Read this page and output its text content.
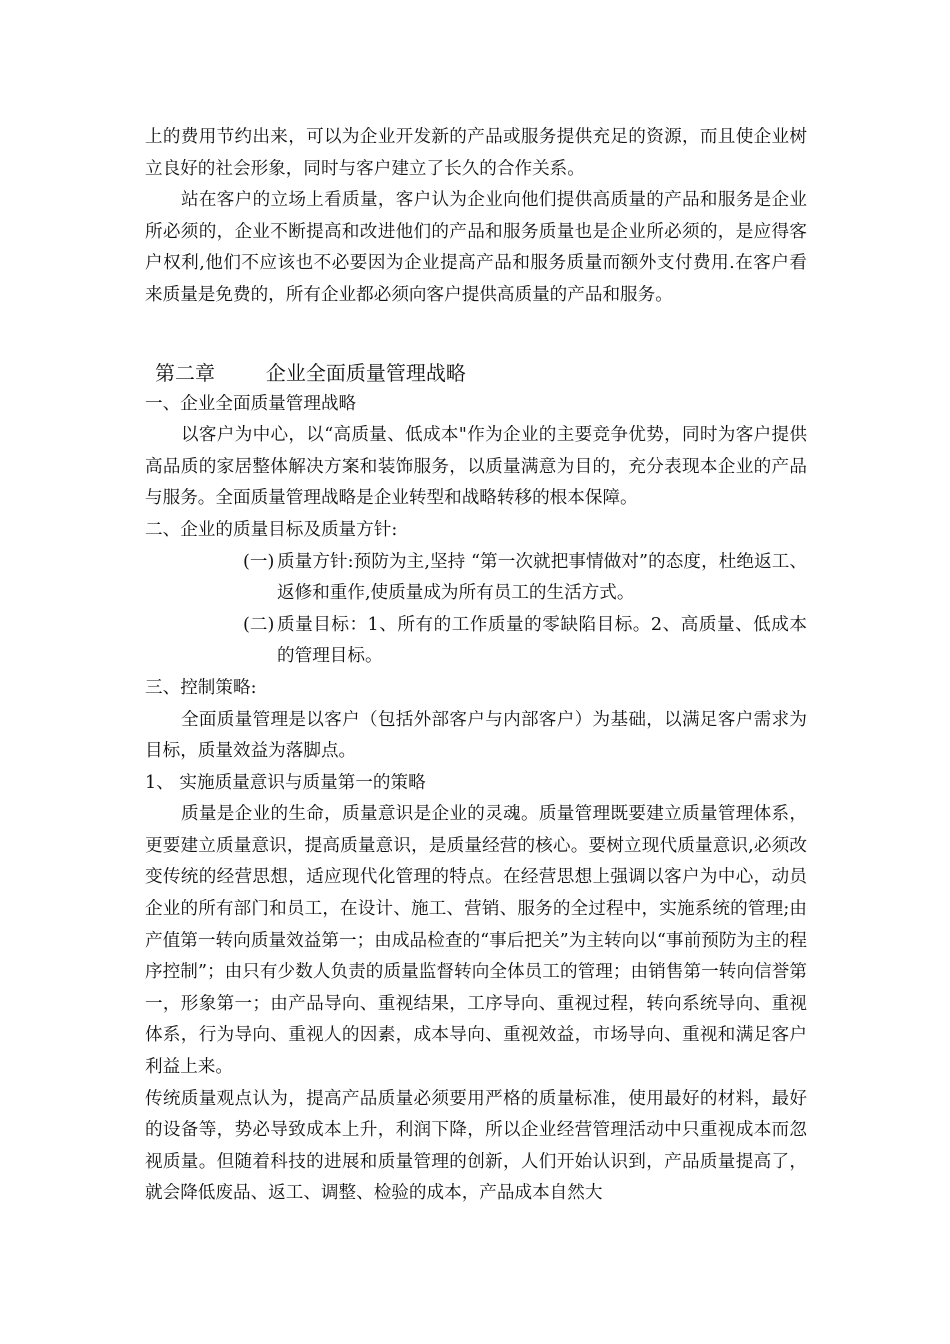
上的费用节约出来，可以为企业开发新的产品或服务提供充足的资源，而且使企业树立良好的社会形象，同时与客户建立了长久的合作关系。

站在客户的立场上看质量，客户认为企业向他们提供高质量的产品和服务是企业所必须的，企业不断提高和改进他们的产品和服务质量也是企业所必须的，是应得客户权利,他们不应该也不必要因为企业提高产品和服务质量而额外支付费用.在客户看来质量是免费的，所有企业都必须向客户提供高质量的产品和服务。

第二章        企业全面质量管理战略

一、企业全面质量管理战略

以客户为中心，以“高质量、低成本"作为企业的主要竞争优势，同时为客户提供高品质的家居整体解决方案和装饰服务，以质量满意为目的，充分表现本企业的产品与服务。全面质量管理战略是企业转型和战略转移的根本保障。

二、企业的质量目标及质量方针:

(一) 质量方针:预防为主,坚持 “第一次就把事情做对”的态度，杜绝返工、返修和重作,使质量成为所有员工的生活方式。

(二) 质量目标：1、所有的工作质量的零缺陷目标。2、高质量、低成本的管理目标。

三、控制策略:

全面质量管理是以客户（包括外部客户与内部客户）为基础，以满足客户需求为目标，质量效益为落脚点。

1、 实施质量意识与质量第一的策略

质量是企业的生命，质量意识是企业的灵魂。质量管理既要建立质量管理体系，更要建立质量意识，提高质量意识，是质量经营的核心。要树立现代质量意识,必须改变传统的经营思想，适应现代化管理的特点。在经营思想上强调以客户为中心，动员企业的所有部门和员工，在设计、施工、营销、服务的全过程中，实施系统的管理;由产值第一转向质量效益第一；由成品检查的“事后把关”为主转向以“事前预防为主的程序控制”；由只有少数人负责的质量监督转向全体员工的管理；由销售第一转向信誉第一，形象第一；由产品导向、重视结果，工序导向、重视过程，转向系统导向、重视体系，行为导向、重视人的因素，成本导向、重视效益，市场导向、重视和满足客户利益上来。

传统质量观点认为，提高产品质量必须要用严格的质量标准，使用最好的材料，最好的设备等，势必导致成本上升，利润下降，所以企业经营管理活动中只重视成本而忽视质量。但随着科技的进展和质量管理的创新，人们开始认识到，产品质量提高了，就会降低废品、返工、调整、检验的成本，产品成本自然大
